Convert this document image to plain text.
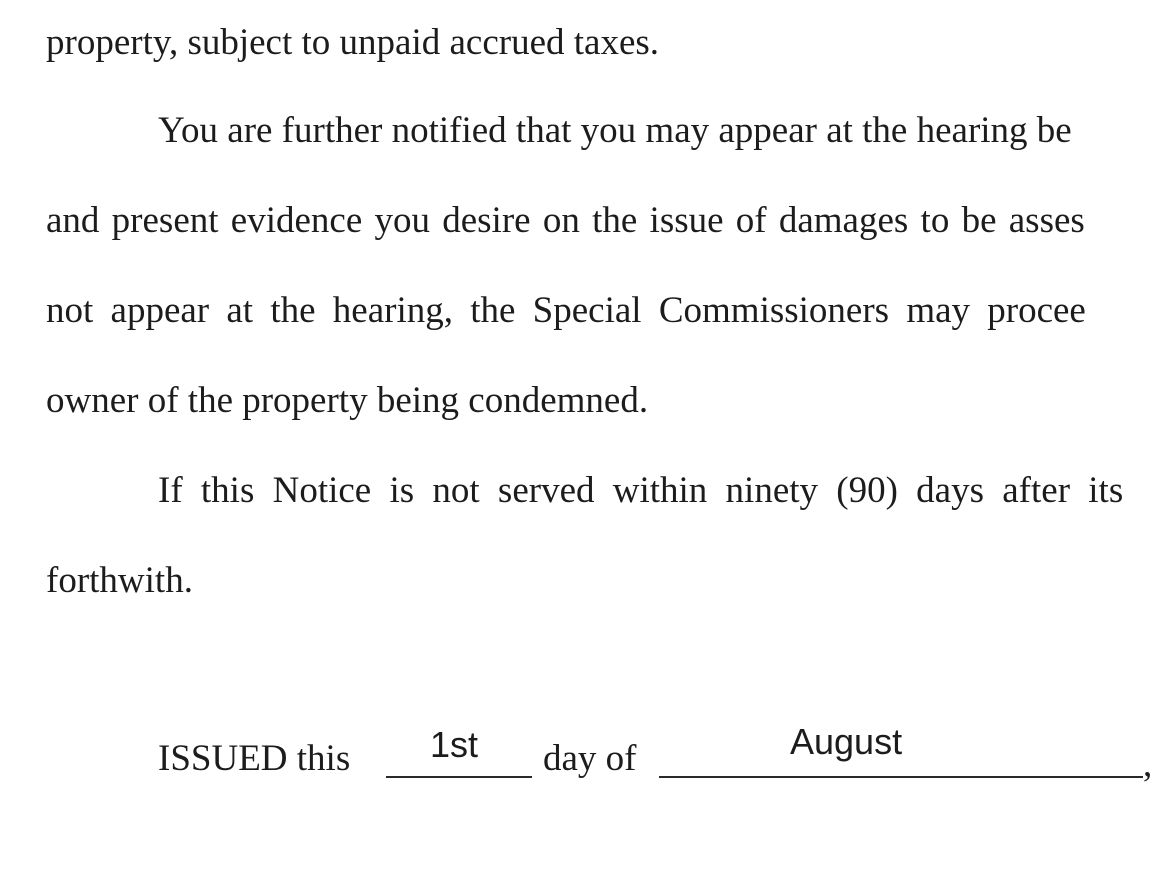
property, subject to unpaid accrued taxes.
You are further notified that you may appear at the hearing be
and present evidence you desire on the issue of damages to be asses
not appear at the hearing, the Special Commissioners may procee
owner of the property being condemned.
If this Notice is not served within ninety (90) days after its
forthwith.
ISSUED this 1st day of	August
,
